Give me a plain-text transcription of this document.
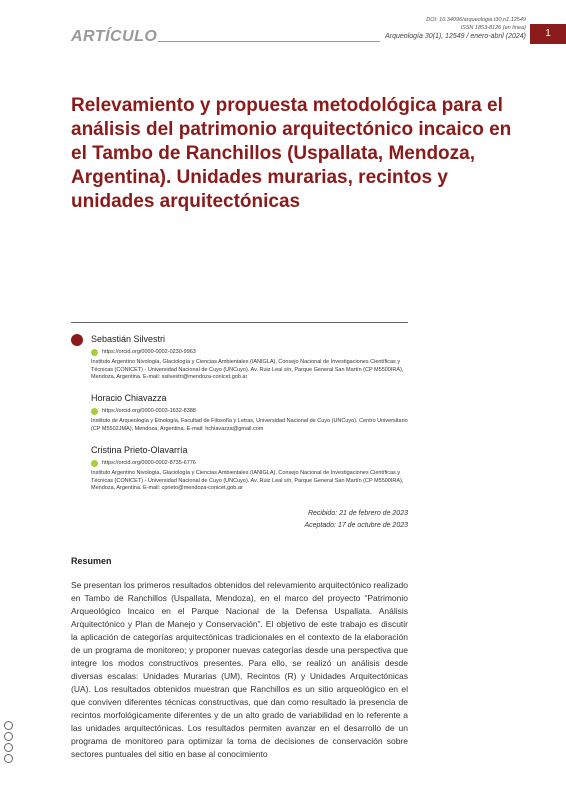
1
ARTÍCULO
DOI: 10.34096/arqueologia.t30.n1.12549
ISSN 1853-8126 (en línea)
Arqueología 30(1), 12549 / enero-abril (2024)
Relevamiento y propuesta metodológica para el análisis del patrimonio arquitectónico incaico en el Tambo de Ranchillos (Uspallata, Mendoza, Argentina). Unidades murarias, recintos y unidades arquitectónicas
Sebastián Silvestri
https://orcid.org/0000-0002-0230-9963
Instituto Argentino Nivología, Glaciología y Ciencias Ambientales (IANIGLA), Consejo Nacional de Investigaciones Científicas y Técnicas (CONICET) - Universidad Nacional de Cuyo (UNCuyo). Av. Ruiz Leal s/n, Parque General San Martín (CP M5500IRA), Mendoza, Argentina. E-mail: ssilvestri@mendoza-conicet.gob.ar
Horacio Chiavazza
https://orcid.org/0000-0003-1632-8388
Instituto de Arqueología y Etnología, Facultad de Filosofía y Letras, Universidad Nacional de Cuyo (UNCuyo). Centro Universitario (CP M5502JMA), Mendoza, Argentina. E-mail: hchiavazza@gmail.com
Cristina Prieto-Olavarría
https://orcid.org/0000-0002-8735-6776
Instituto Argentino Nivología, Glaciología y Ciencias Ambientales (IANIGLA), Consejo Nacional de Investigaciones Científicas y Técnicas (CONICET) - Universidad Nacional de Cuyo (UNCuyo). Av. Ruiz Leal s/n, Parque General San Martín (CP M5500IRA), Mendoza, Argentina. E-mail: cprieto@mendoza-conicet.gob.ar
Recibido: 21 de febrero de 2023
Aceptado: 17 de octubre de 2023
Resumen

Se presentan los primeros resultados obtenidos del relevamiento arquitectónico realizado en Tambo de Ranchillos (Uspallata, Mendoza), en el marco del proyecto “Patrimonio Arqueológico Incaico en el Parque Nacional de la Defensa Uspallata. Análisis Arquitectónico y Plan de Manejo y Conservación”. El objetivo de este trabajo es discutir la aplicación de categorías arquitectónicas tradicionales en el contexto de la elaboración de un programa de monitoreo; y proponer nuevas categorías desde una perspectiva que integre los modos constructivos presentes. Para ello, se realizó un análisis desde diversas escalas: Unidades Murarias (UM), Recintos (R) y Unidades Arquitectónicas (UA). Los resultados obtenidos muestran que Ranchillos es un sitio arqueológico en el que conviven diferentes técnicas constructivas, que dan como resultado la presencia de recintos morfológicamente diferentes y de un alto grado de variabilidad en lo referente a las unidades arquitectónicas. Los resultados permiten avanzar en el desarrollo de un programa de monitoreo para optimizar la toma de decisiones de conservación sobre sectores puntuales del sitio en base al conocimiento
